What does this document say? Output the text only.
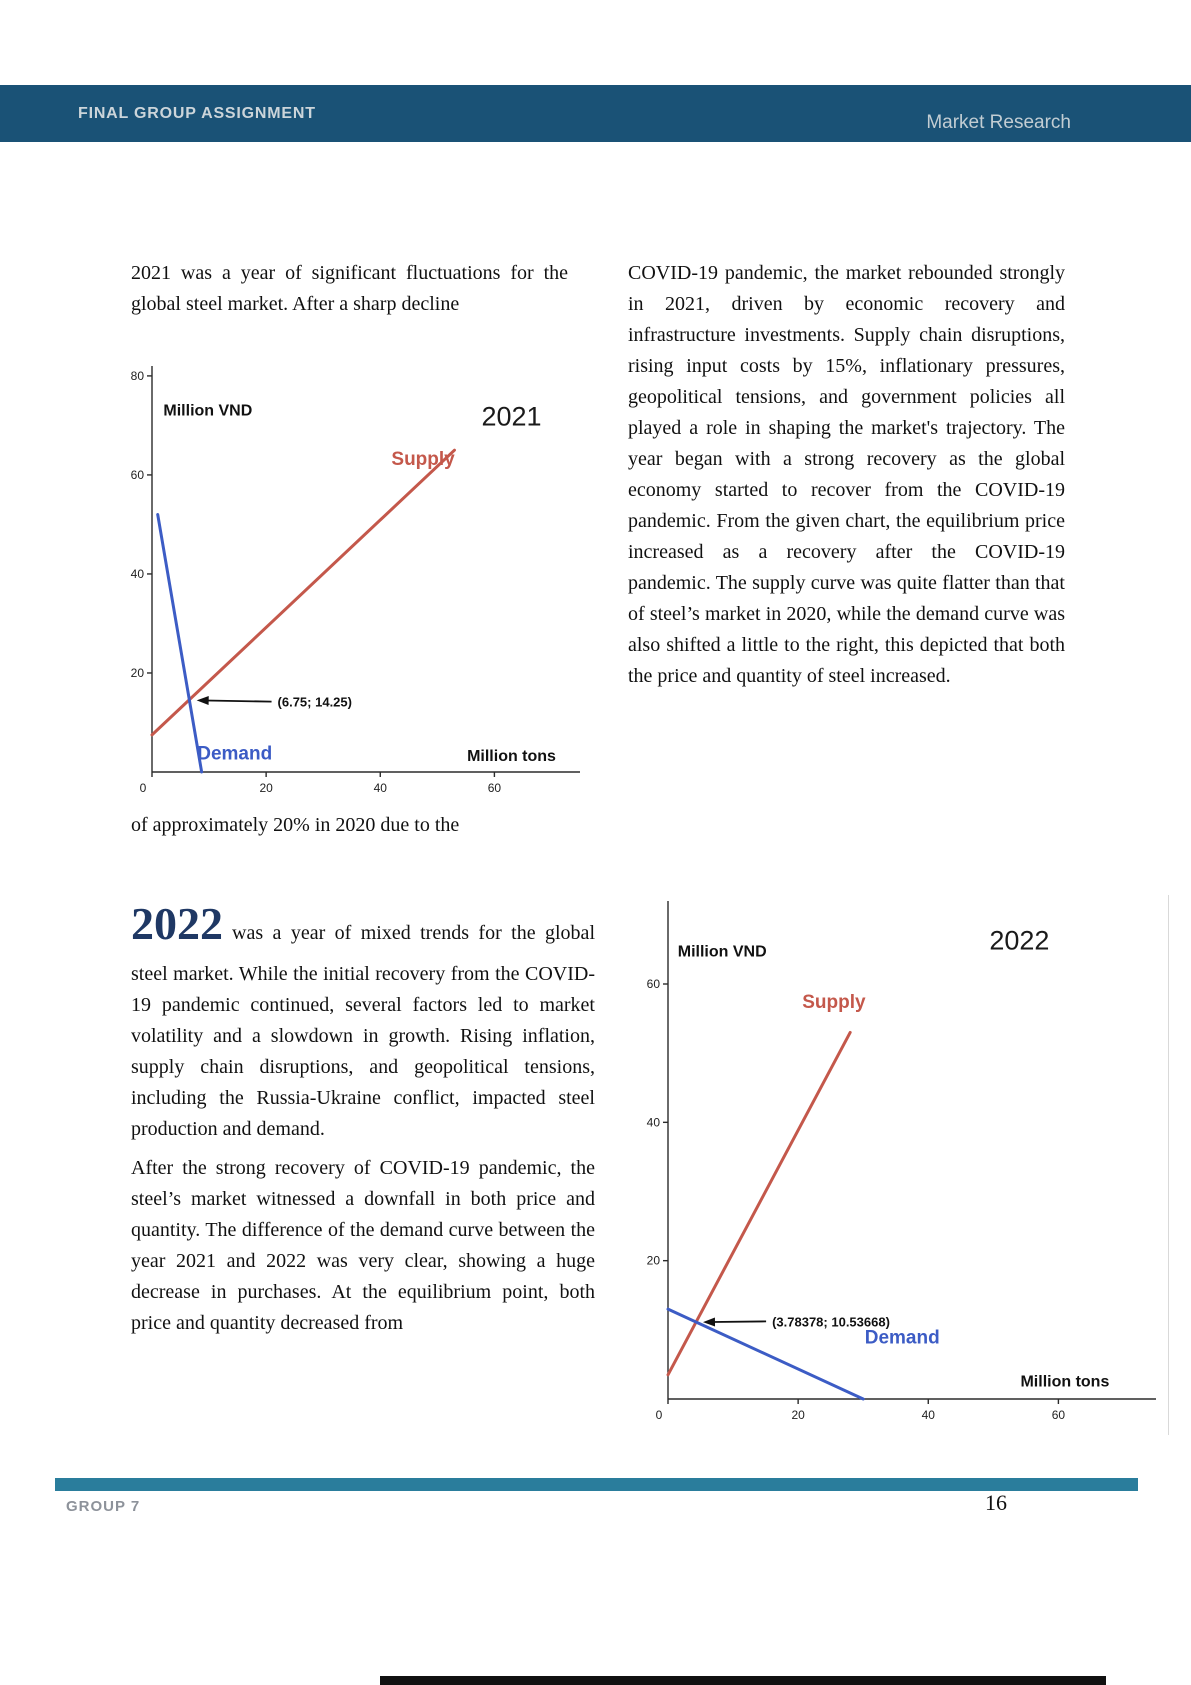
FINAL GROUP ASSIGNMENT	Market Research

2021 was a year of significant fluctuations for the global steel market. After a sharp decline

20
40
60
80
0	20	40	60
Supply
Demand
(6.75; 14.25)
Million VND
Million tons
2021

of approximately 20% in 2020 due to the

COVID-19 pandemic, the market rebounded strongly in 2021, driven by economic recovery and infrastructure investments. Supply chain disruptions, rising input costs by 15%, inflationary pressures, geopolitical tensions, and government policies all played a role in shaping the market's trajectory. The year began with a strong recovery as the global economy started to recover from the COVID-19 pandemic. From the given chart, the equilibrium price increased as a recovery after the COVID-19 pandemic. The supply curve was quite flatter than that of steel’s market in 2020, while the demand curve was also shifted a little to the right, this depicted that both the price and quantity of steel increased.

2022 was a year of mixed trends for the global steel market. While the initial recovery from the COVID-19 pandemic continued, several factors led to market volatility and a slowdown in growth. Rising inflation, supply chain disruptions, and geopolitical tensions, including the Russia-Ukraine conflict, impacted steel production and demand.

After the strong recovery of COVID-19 pandemic, the steel’s market witnessed a downfall in both price and quantity. The difference of the demand curve between the year 2021 and 2022 was very clear, showing a huge decrease in purchases. At the equilibrium point, both price and quantity decreased from

20
40
60
0	20	40	60
Supply
Demand
(3.78378; 10.53668)
Million VND
Million tons
2022
GROUP 7	16
